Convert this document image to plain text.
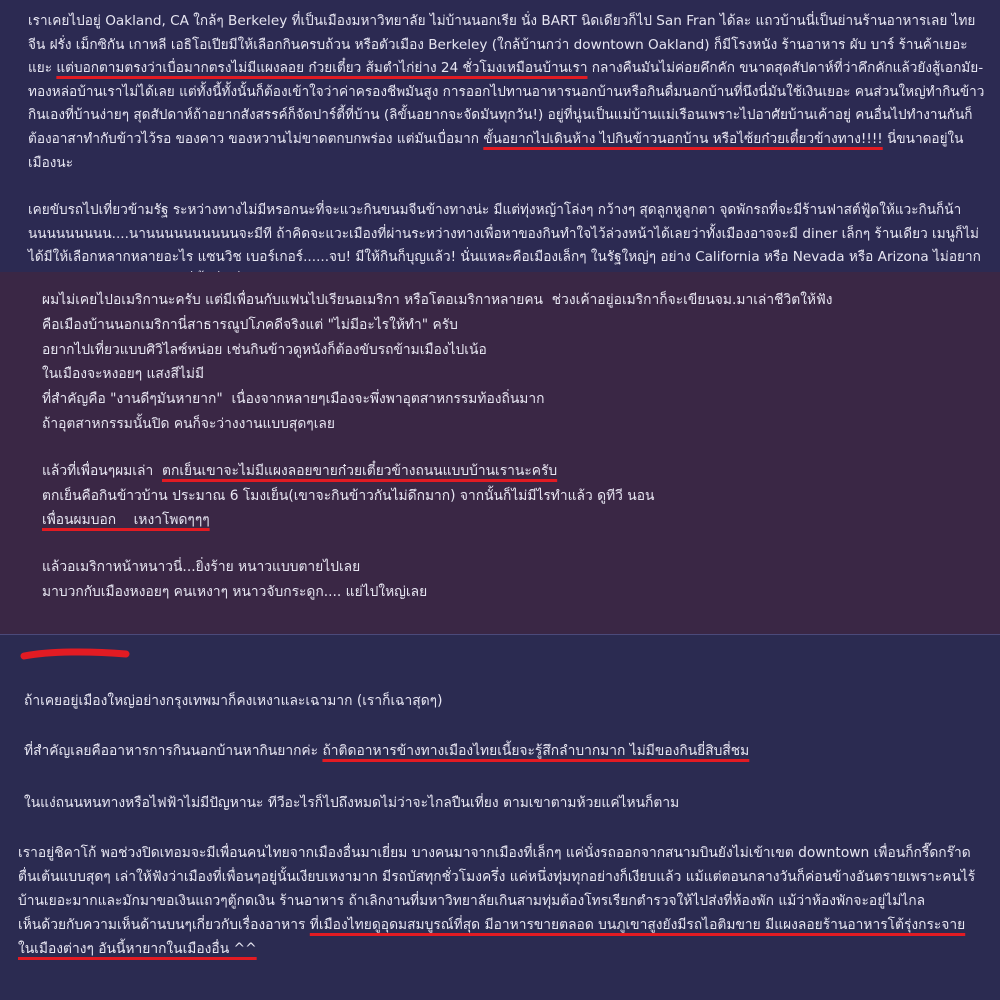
เราเคยไปอยู่ Oakland, CA ใกล้ๆ Berkeley ที่เป็นเมืองมหาวิทยาลัย ไม่บ้านนอกเรีย นั่ง BART นิดเดียวก็ไป San Fran ได้ละ แถวบ้านนี่เป็นย่านร้านอาหารเลย ไทย จีน ฝรั่ง เม็กซิกัน เกาหลี เอธิโอเปียมีให้เลือกกินครบถ้วน หรือตัวเมือง Berkeley (ใกล้บ้านกว่า downtown Oakland) ก็มีโรงหนัง ร้านอาหาร ผับ บาร์ ร้านค้าเยอะแยะ แต่บอกตามตรงว่าเบื่อมากตรงไม่มีแผงลอย ก๋วยเตี๋ยว ส้มตำไก่ย่าง 24 ชั่วโมงเหมือนบ้านเรา กลางคืนมันไม่ค่อยคึกคัก ขนาดสุดสัปดาห์ที่ว่าคึกคักแล้วยังสู้เอกมัย-ทองหล่อบ้านเราไม่ได้เลย แต่ทั้งนี้ทั้งนั้นก็ต้องเข้าใจว่าค่าครองชีพมันสูง การออกไปทานอาหารนอกบ้านหรือกินดื่มนอกบ้านที่นึงนี่มันใช้เงินเยอะ คนส่วนใหญ่ทำกินข้าวกินเองที่บ้านง่ายๆ สุดสัปดาห์ถ้าอยากสังสรรค์ก็จัดปาร์ตี้ที่บ้าน (ลิขั้นอยากจะจัดมันทุกวัน!) อยู่ที่นู่นเป็นแม่บ้านแม่เรือนเพราะไปอาศัยบ้านเค้าอยู่ คนอื่นไปทำงานกันก็ต้องอาสาทำกับข้าวไว้รอ ของคาว ของหวานไม่ขาดตกบกพร่อง แต่มันเบื่อมาก ขั้นอยากไปเดินห้าง ไปกินข้าวนอกบ้าน หรือไซ้ยก๋วยเตี๋ยวข้างทาง!!!! นี่ขนาดอยู่ในเมืองนะ

เคยขับรถไปเที่ยวข้ามรัฐ ระหว่างทางไม่มีหรอกนะที่จะแวะกินขนมจีนข้างทางน่ะ มีแต่ทุ่งหญ้าโล่งๆ กว้างๆ สุดลูกหูลูกตา จุดพักรถที่จะมีร้านฟาสต์ฟู้ดให้แวะกินก็น้านนนนนนนนน....นานนนนนนนนนนจะมีที ถ้าคิดจะแวะเมืองที่ผ่านระหว่างทางเพื่อหาของกินทำใจไว้ล่วงหน้าได้เลยว่าทั้งเมืองอาจจะมี diner เล็กๆ ร้านเดียว เมนูก็ไม่ได้มีให้เลือกหลากหลายอะไร แซนวิช เบอร์เกอร์......จบ! มีให้กินก็บุญแล้ว! นั่นแหละคือเมืองเล็กๆ ในรัฐใหญ่ๆ อย่าง California หรือ Nevada หรือ Arizona ไม่อยาก

ผมไม่เคยไปอเมริกานะครับ แต่มีเพื่อนกับแฟนไปเรียนอเมริกา หรือโตอเมริกาหลายคน  ช่วงเค้าอยู่อเมริกาก็จะเขียนจม.มาเล่าชีวิตให้ฟัง
คือเมืองบ้านนอกเมริกานี่สาธารณูปโภคดีจริงแต่ "ไม่มีอะไรให้ทำ" ครับ
อยากไปเที่ยวแบบศิวิไลซ์หน่อย เช่นกินข้าวดูหนังก็ต้องขับรถข้ามเมืองไปเน้อ
ในเมืองจะหงอยๆ แสงสีไม่มี
ที่สำคัญคือ "งานดีๆมันหายาก"  เนื่องจากหลายๆเมืองจะพึ่งพาอุตสาหกรรมท้องถิ่นมาก
ถ้าอุตสาหกรรมนั้นปิด คนก็จะว่างงานแบบสุดๆเลย

แล้วที่เพื่อนๆผมเล่า  ตกเย็นเขาจะไม่มีแผงลอยขายก๋วยเตี๋ยวข้างถนนแบบบ้านเรานะครับ
ตกเย็นคือกินข้าวบ้าน ประมาณ 6 โมงเย็น(เขาจะกินข้าวกันไม่ดึกมาก) จากนั้นก็ไม่มีไรทำแล้ว ดูทีวี นอน
เพื่อนผมบอก    เหงาโพดๆๆๆ

แล้วอเมริกาหน้าหนาวนี่...ยิ่งร้าย หนาวแบบตายไปเลย
มาบวกกับเมืองหงอยๆ คนเหงาๆ หนาวจับกระดูก.... แย่ไปใหญ่เลย

ถ้าเคยอยู่เมืองใหญ่อย่างกรุงเทพมาก็คงเหงาและเฉามาก (เราก็เฉาสุดๆ)

ที่สำคัญเลยคืออาหารการกินนอกบ้านหากินยากค่ะ ถ้าติดอาหารข้างทางเมืองไทยเนี้ยจะรู้สึกลำบากมาก ไม่มีของกินยี่สิบสี่ชม

ในแง่ถนนหนทางหรือไฟฟ้าไม่มีปัญหานะ ทีวีอะไรก็ไปถึงหมดไม่ว่าจะไกลปืนเที่ยง ตามเขาตามห้วยแค่ไหนก็ตาม

เราอยู่ชิคาโก้ พอช่วงปิดเทอมจะมีเพื่อนคนไทยจากเมืองอื่นมาเยี่ยม บางคนมาจากเมืองที่เล็กๆ แค่นั่งรถออกจากสนามบินยังไม่เข้าเขต downtown เพื่อนก็กรี๊ดกร๊าดตื่นเต้นแบบสุดๆ เล่าให้ฟังว่าเมืองที่เพื่อนๆอยู่นั้นเงียบเหงามาก มีรถบัสทุกชั่วโมงครึ่ง แค่หนึ่งทุ่มทุกอย่างก็เงียบแล้ว แม้แต่ตอนกลางวันก็ค่อนข้างอันตรายเพราะคนไร้บ้านเยอะมากและมักมาขอเงินแถวๆตู้กดเงิน ร้านอาหาร ถ้าเลิกงานที่มหาวิทยาลัยเกินสามทุ่มต้องโทรเรียกตำรวจให้ไปส่งที่ห้องพัก แม้ว่าห้องพักจะอยู่ไม่ไกล
เห็นด้วยกับความเห็นด้านบนๆเกี่ยวกับเรื่องอาหาร ที่เมืองไทยดูอุดมสมบูรณ์ที่สุด มีอาหารขายตลอด บนภูเขาสูงยังมีรถไอติมขาย มีแผงลอยร้านอาหารโต้รุ่งกระจายในเมืองต่างๆ อันนี้หายากในเมืองอื่น ^^
